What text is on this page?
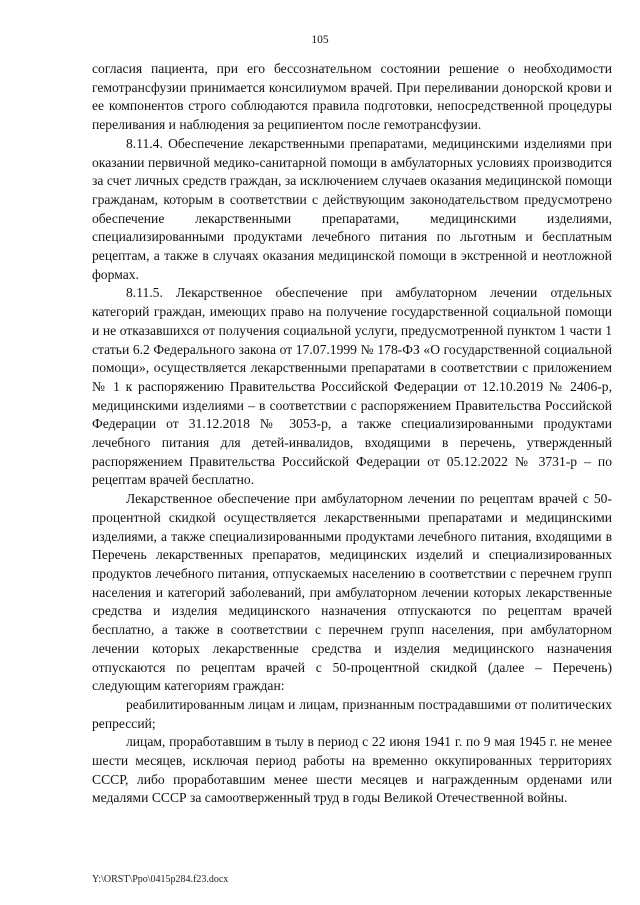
105

согласия пациента, при его бессознательном состоянии решение о необходимости гемотрансфузии принимается консилиумом врачей. При переливании донорской крови и ее компонентов строго соблюдаются правила подготовки, непосредственной процедуры переливания и наблюдения за реципиентом после гемотрансфузии.

8.11.4. Обеспечение лекарственными препаратами, медицинскими изделиями при оказании первичной медико-санитарной помощи в амбулаторных условиях производится за счет личных средств граждан, за исключением случаев оказания медицинской помощи гражданам, которым в соответствии с действующим законодательством предусмотрено обеспечение лекарственными препаратами, медицинскими изделиями, специализированными продуктами лечебного питания по льготным и бесплатным рецептам, а также в случаях оказания медицинской помощи в экстренной и неотложной формах.

8.11.5. Лекарственное обеспечение при амбулаторном лечении отдельных категорий граждан, имеющих право на получение государственной социальной помощи и не отказавшихся от получения социальной услуги, предусмотренной пунктом 1 части 1 статьи 6.2 Федерального закона от 17.07.1999 № 178-ФЗ «О государственной социальной помощи», осуществляется лекарственными препаратами в соответствии с приложением № 1 к распоряжению Правительства Российской Федерации от 12.10.2019 № 2406-р, медицинскими изделиями – в соответствии с распоряжением Правительства Российской Федерации от 31.12.2018 № 3053-р, а также специализированными продуктами лечебного питания для детей-инвалидов, входящими в перечень, утвержденный распоряжением Правительства Российской Федерации от 05.12.2022 № 3731-р – по рецептам врачей бесплатно.

Лекарственное обеспечение при амбулаторном лечении по рецептам врачей с 50-процентной скидкой осуществляется лекарственными препаратами и медицинскими изделиями, а также специализированными продуктами лечебного питания, входящими в Перечень лекарственных препаратов, медицинских изделий и специализированных продуктов лечебного питания, отпускаемых населению в соответствии с перечнем групп населения и категорий заболеваний, при амбулаторном лечении которых лекарственные средства и изделия медицинского назначения отпускаются по рецептам врачей бесплатно, а также в соответствии с перечнем групп населения, при амбулаторном лечении которых лекарственные средства и изделия медицинского назначения отпускаются по рецептам врачей с 50-процентной скидкой (далее – Перечень) следующим категориям граждан:

реабилитированным лицам и лицам, признанным пострадавшими от политических репрессий;

лицам, проработавшим в тылу в период с 22 июня 1941 г. по 9 мая 1945 г. не менее шести месяцев, исключая период работы на временно оккупированных территориях СССР, либо проработавшим менее шести месяцев и награжденным орденами или медалями СССР за самоотверженный труд в годы Великой Отечественной войны.

Y:\ORST\Ppo\0415p284.f23.docx
